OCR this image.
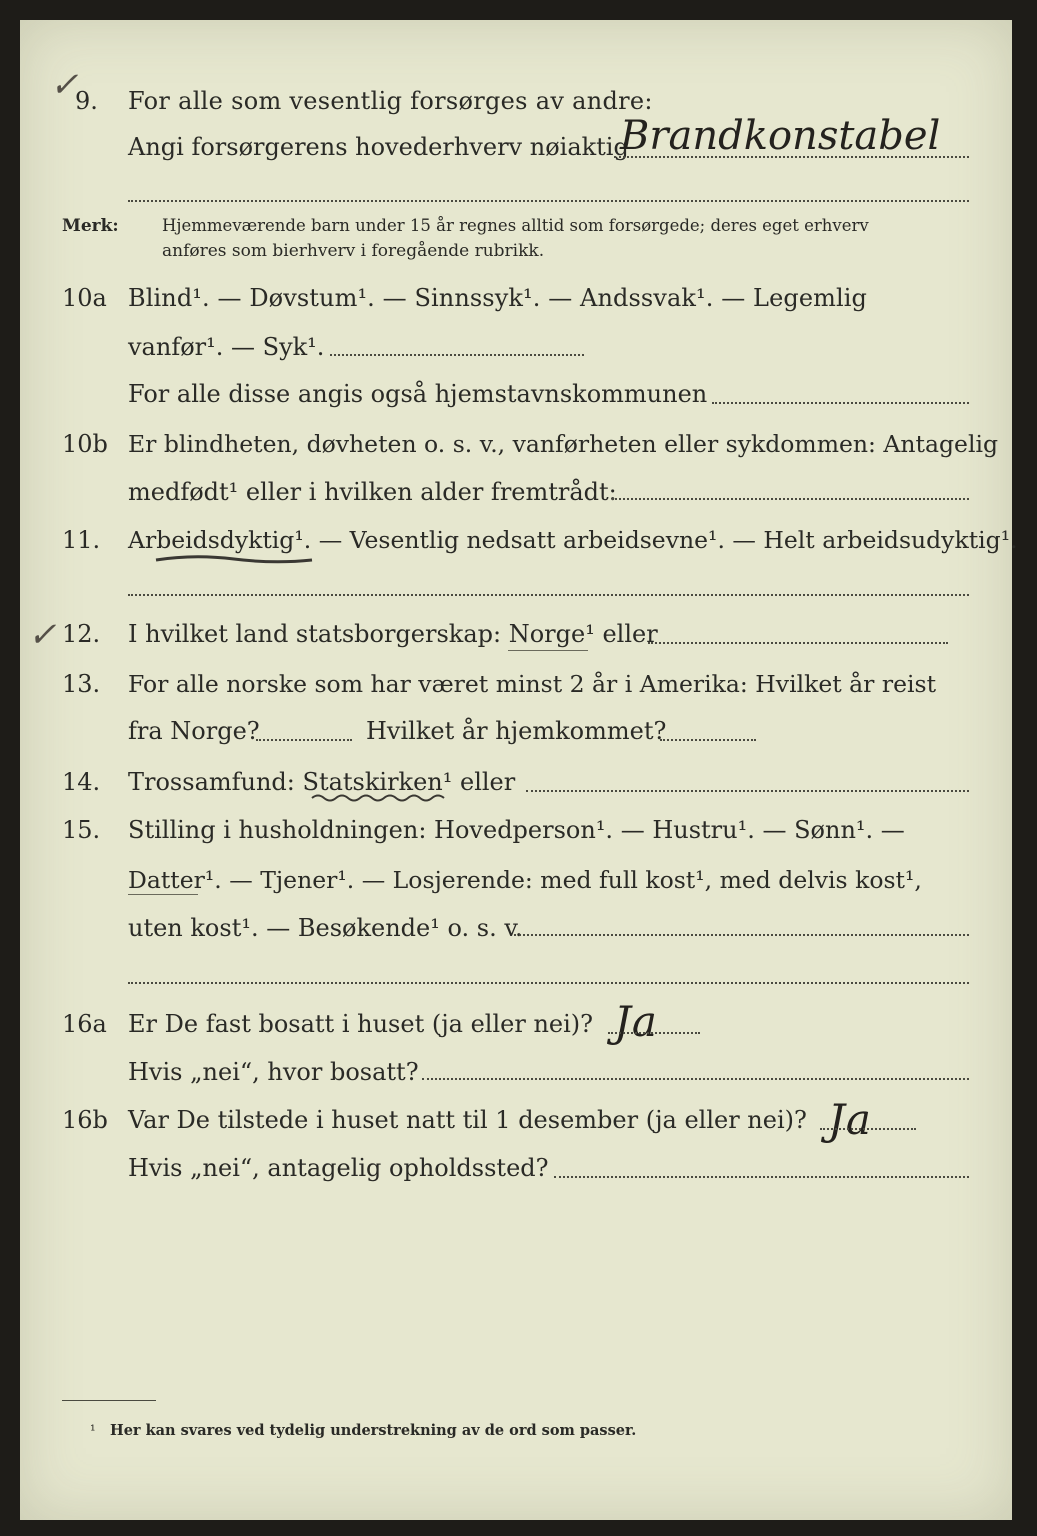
✓
9. For alle som vesentlig forsørges av andre:
Angi forsørgerens hovederhverv nøiaktig
Brandkonstabel
Merk:	Hjemmeværende barn under 15 år regnes alltid som forsørgede; deres eget erhverv
anføres som bierhverv i foregående rubrikk.
10a Blind¹. — Døvstum¹. — Sinnssyk¹. — Andssvak¹. — Legemlig
vanfør¹. — Syk¹.
For alle disse angis også hjemstavnskommunen
10b Er blindheten, døvheten o. s. v., vanførheten eller sykdommen: Antagelig
medfødt¹ eller i hvilken alder fremtrådt:
11. Arbeidsdyktig¹. — Vesentlig nedsatt arbeidsevne¹. — Helt arbeidsudyktig¹.
✓ 12. I hvilket land statsborgerskap: Norge¹ eller
13. For alle norske som har været minst 2 år i Amerika: Hvilket år reist
fra Norge?	Hvilket år hjemkommet?
14. Trossamfund: Statskirken¹ eller
15. Stilling i husholdningen: Hovedperson¹. — Hustru¹. — Sønn¹. —
Datter¹. — Tjener¹. — Losjerende: med full kost¹, med delvis kost¹,
uten kost¹. — Besøkende¹ o. s. v.
16a Er De fast bosatt i huset (ja eller nei)? Ja
Hvis „nei“, hvor bosatt?
16b Var De tilstede i huset natt til 1 desember (ja eller nei)? Ja
Hvis „nei“, antagelig opholdssted?
¹ Her kan svares ved tydelig understrekning av de ord som passer.
